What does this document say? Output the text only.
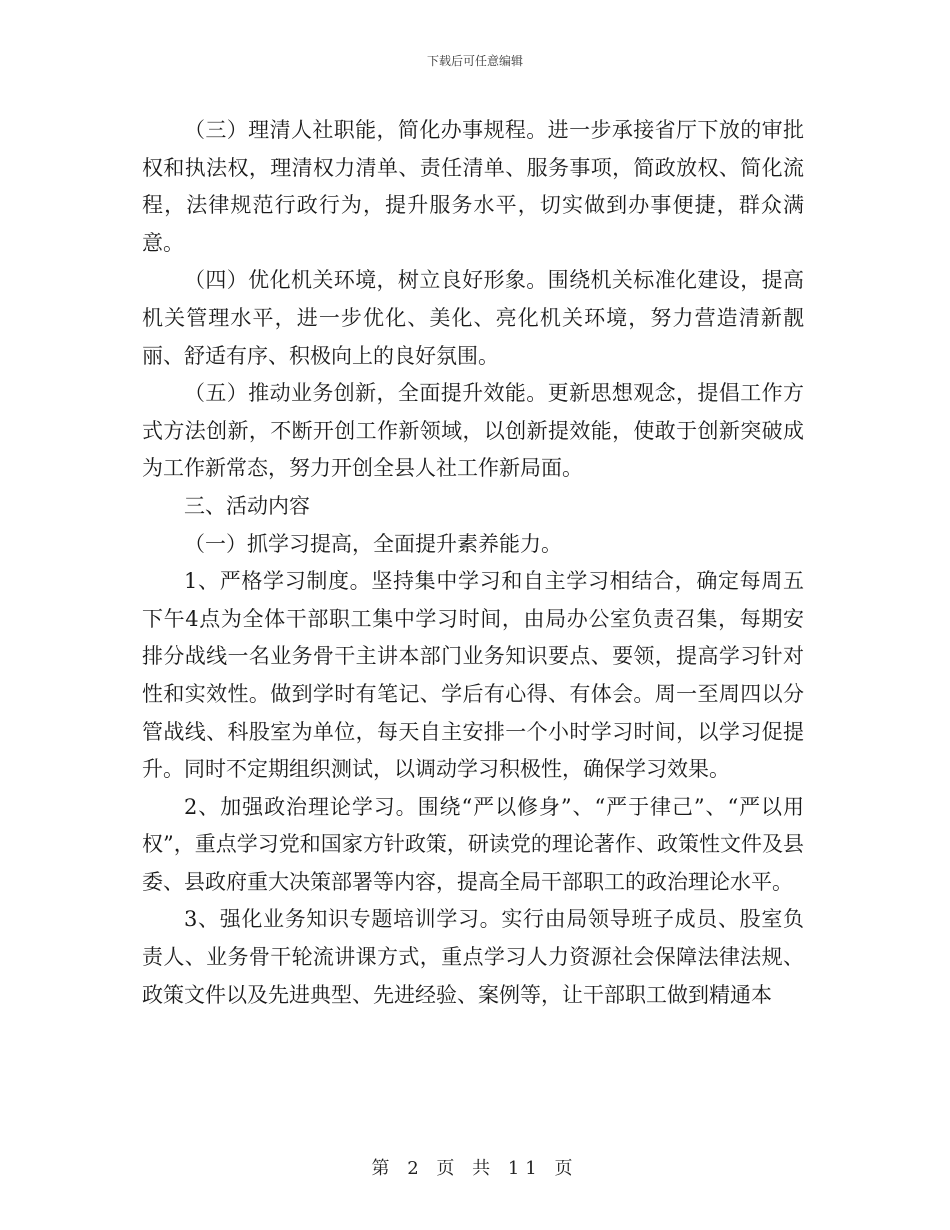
下载后可任意编辑

（三）理清人社职能，简化办事规程。进一步承接省厅下放的审批权和执法权，理清权力清单、责任清单、服务事项，简政放权、简化流程，法律规范行政行为，提升服务水平，切实做到办事便捷，群众满意。

（四）优化机关环境，树立良好形象。围绕机关标准化建设，提高机关管理水平，进一步优化、美化、亮化机关环境，努力营造清新靓丽、舒适有序、积极向上的良好氛围。

（五）推动业务创新，全面提升效能。更新思想观念，提倡工作方式方法创新，不断开创工作新领域，以创新提效能，使敢于创新突破成为工作新常态，努力开创全县人社工作新局面。

三、活动内容

（一）抓学习提高，全面提升素养能力。

1、严格学习制度。坚持集中学习和自主学习相结合，确定每周五下午4点为全体干部职工集中学习时间，由局办公室负责召集，每期安排分战线一名业务骨干主讲本部门业务知识要点、要领，提高学习针对性和实效性。做到学时有笔记、学后有心得、有体会。周一至周四以分管战线、科股室为单位，每天自主安排一个小时学习时间，以学习促提升。同时不定期组织测试，以调动学习积极性，确保学习效果。

2、加强政治理论学习。围绕“严以修身”、“严于律己”、“严以用权”，重点学习党和国家方针政策，研读党的理论著作、政策性文件及县委、县政府重大决策部署等内容，提高全局干部职工的政治理论水平。

3、强化业务知识专题培训学习。实行由局领导班子成员、股室负责人、业务骨干轮流讲课方式，重点学习人力资源社会保障法律法规、政策文件以及先进典型、先进经验、案例等，让干部职工做到精通本

第 2 页 共 11 页
